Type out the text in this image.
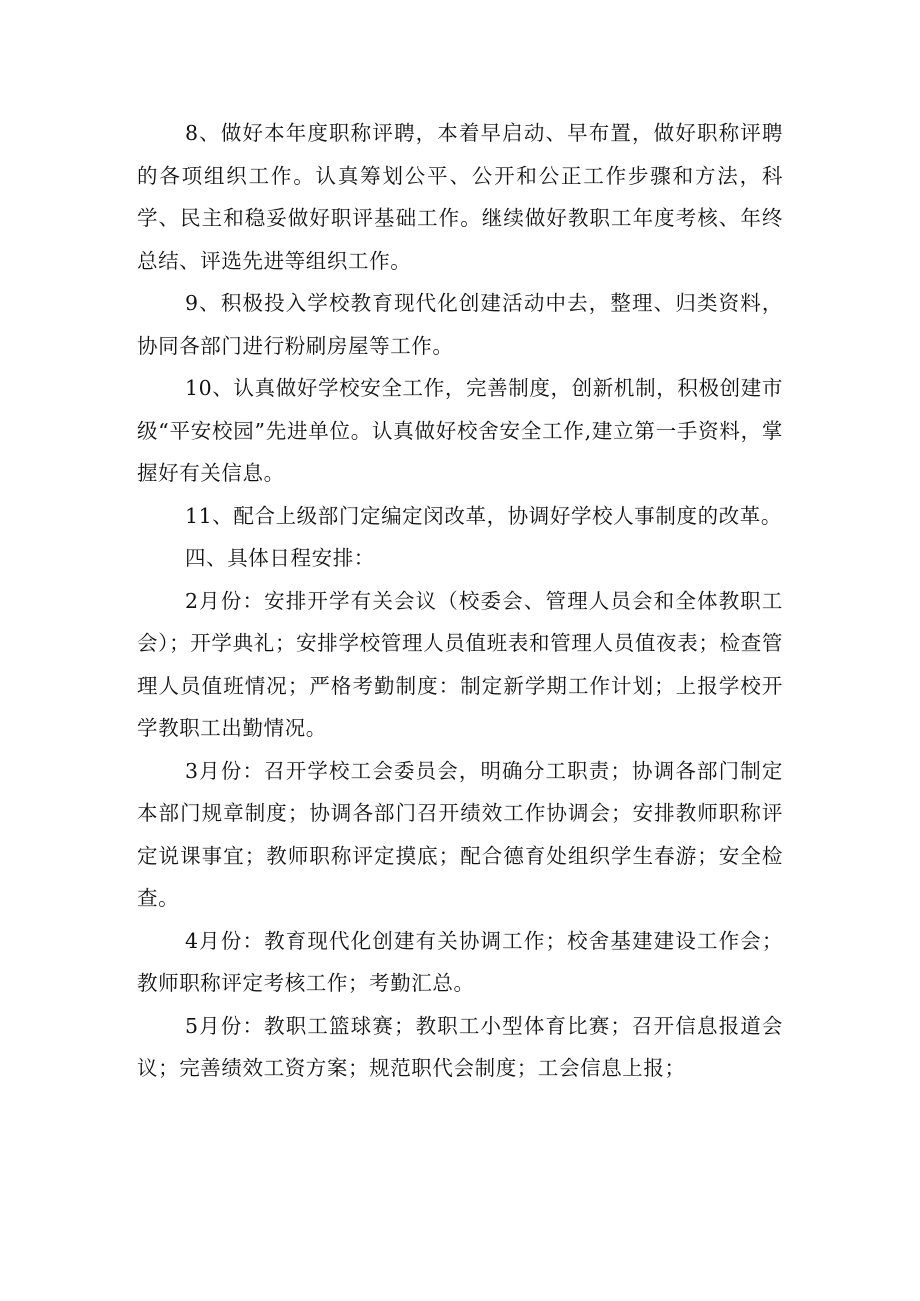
8、做好本年度职称评聘，本着早启动、早布置，做好职称评聘的各项组织工作。认真筹划公平、公开和公正工作步骤和方法，科学、民主和稳妥做好职评基础工作。继续做好教职工年度考核、年终总结、评选先进等组织工作。

9、积极投入学校教育现代化创建活动中去，整理、归类资料，协同各部门进行粉刷房屋等工作。

10、认真做好学校安全工作，完善制度，创新机制，积极创建市级“平安校园”先进单位。认真做好校舍安全工作,建立第一手资料，掌握好有关信息。

11、配合上级部门定编定闵改革，协调好学校人事制度的改革。

四、具体日程安排：

2月份：安排开学有关会议（校委会、管理人员会和全体教职工会）；开学典礼；安排学校管理人员值班表和管理人员值夜表；检查管理人员值班情况；严格考勤制度：制定新学期工作计划；上报学校开学教职工出勤情况。

3月份：召开学校工会委员会，明确分工职责；协调各部门制定本部门规章制度；协调各部门召开绩效工作协调会；安排教师职称评定说课事宜；教师职称评定摸底；配合德育处组织学生春游；安全检查。

4月份：教育现代化创建有关协调工作；校舍基建建设工作会；教师职称评定考核工作；考勤汇总。

5月份：教职工篮球赛；教职工小型体育比赛；召开信息报道会议；完善绩效工资方案；规范职代会制度；工会信息上报；
